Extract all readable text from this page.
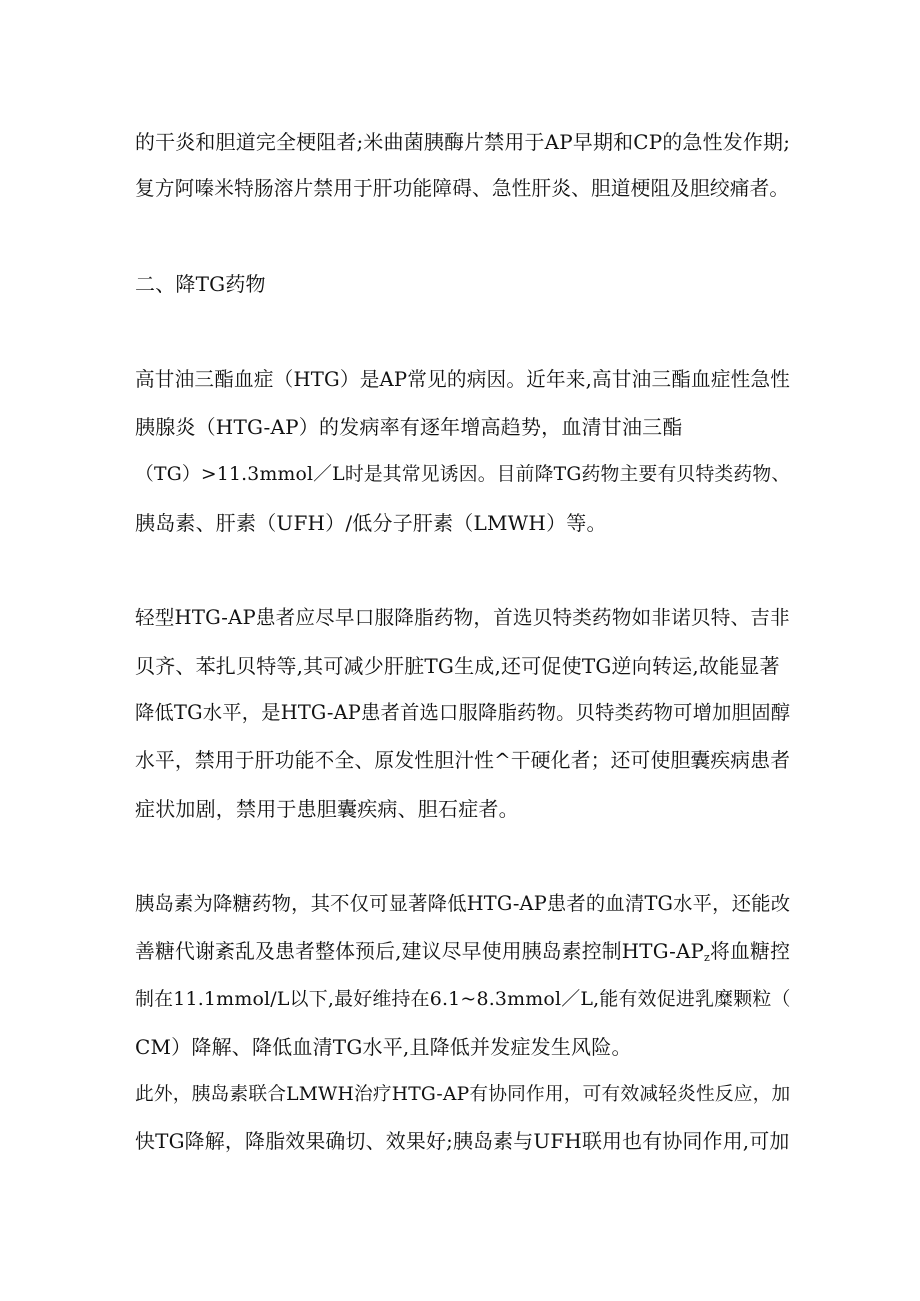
的干炎和胆道完全梗阻者;米曲菌胰酶片禁用于AP早期和CP的急性发作期;
复方阿嗪米特肠溶片禁用于肝功能障碍、急性肝炎、胆道梗阻及胆绞痛者。
二、降TG药物
高甘油三酯血症（HTG）是AP常见的病因。近年来,高甘油三酯血症性急性
胰腺炎（HTG-AP）的发病率有逐年增高趋势，血清甘油三酯
（TG）>11.3mmol／L时是其常见诱因。目前降TG药物主要有贝特类药物、
胰岛素、肝素（UFH）/低分子肝素（LMWH）等。
轻型HTG-AP患者应尽早口服降脂药物，首选贝特类药物如非诺贝特、吉非
贝齐、苯扎贝特等,其可减少肝脏TG生成,还可促使TG逆向转运,故能显著
降低TG水平，是HTG-AP患者首选口服降脂药物。贝特类药物可增加胆固醇
水平，禁用于肝功能不全、原发性胆汁性^干硬化者；还可使胆囊疾病患者
症状加剧，禁用于患胆囊疾病、胆石症者。
胰岛素为降糖药物，其不仅可显著降低HTG-AP患者的血清TG水平，还能改
善糖代谢紊乱及患者整体预后,建议尽早使用胰岛素控制HTG-$AP_z$将血糖控
制在11.1mmol/L以下,最好维持在6.1~8.3mmol／L,能有效促进乳糜颗粒（
CM）降解、降低血清TG水平,且降低并发症发生风险。
此外，胰岛素联合LMWH治疗HTG-AP有协同作用，可有效减轻炎性反应，加
快TG降解，降脂效果确切、效果好;胰岛素与UFH联用也有协同作用,可加
